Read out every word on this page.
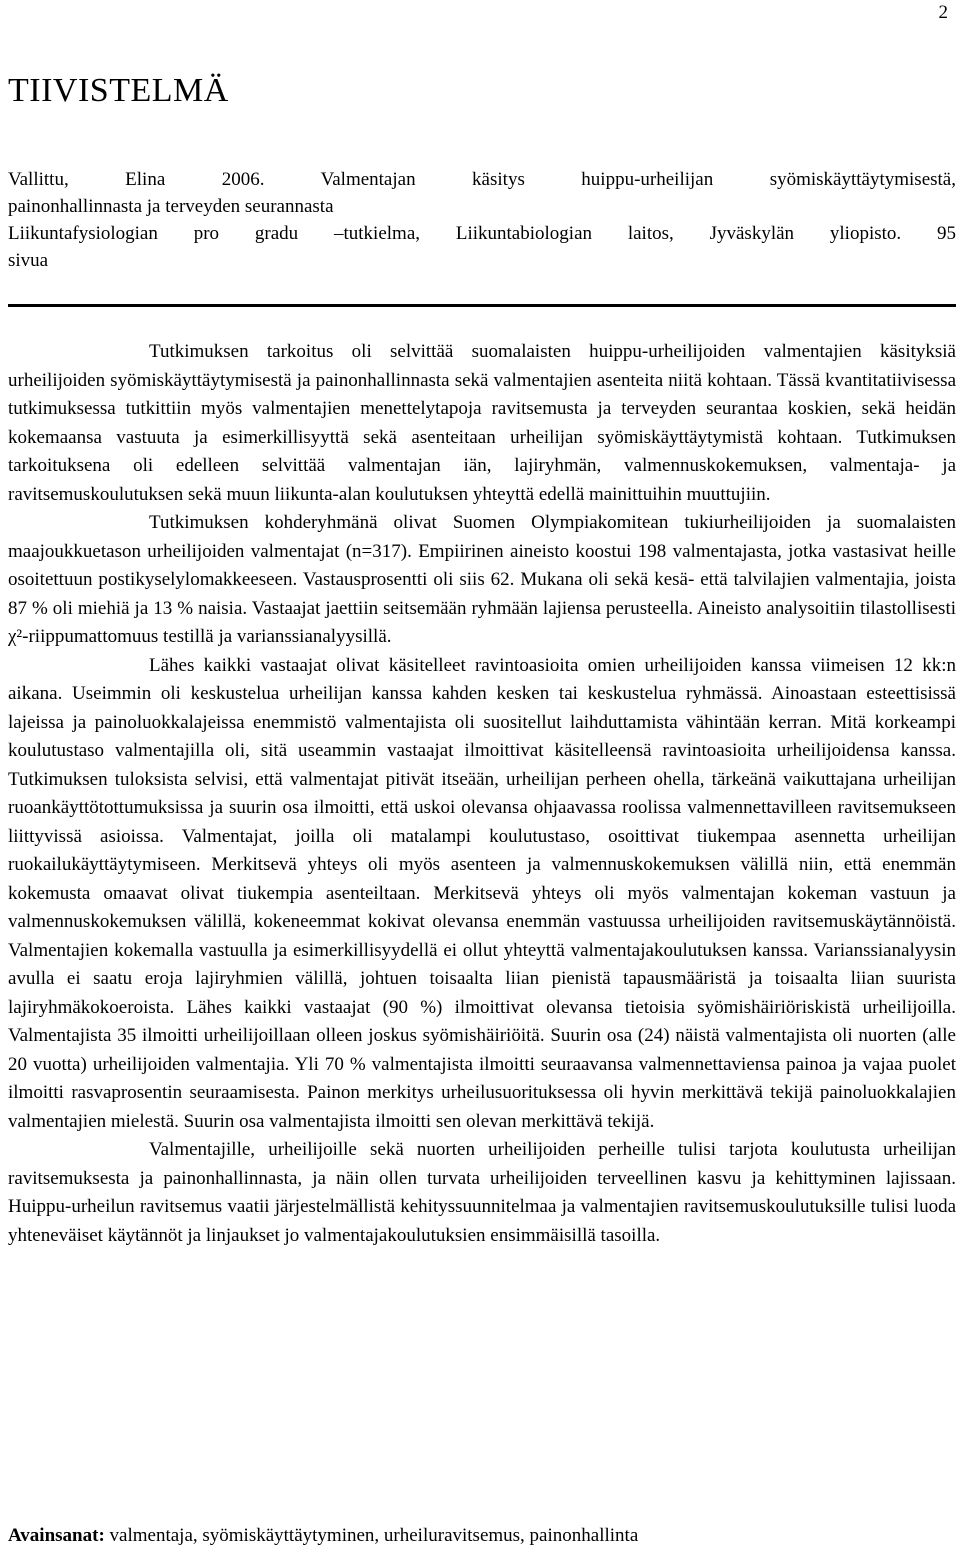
2
TIIVISTELMÄ
Vallittu, Elina 2006. Valmentajan käsitys huippu-urheilijan syömiskäyttäytymisestä,
painonhallinnasta ja terveyden seurannasta
Liikuntafysiologian pro gradu –tutkielma, Liikuntabiologian laitos, Jyväskylän yliopisto. 95
sivua

Tutkimuksen tarkoitus oli selvittää suomalaisten huippu-urheilijoiden valmentajien käsityksiä urheilijoiden syömiskäyttäytymisestä ja painonhallinnasta sekä valmentajien asenteita niitä kohtaan. Tässä kvantitatiivisessa tutkimuksessa tutkittiin myös valmentajien menettelytapoja ravitsemusta ja terveyden seurantaa koskien, sekä heidän kokemaansa vastuuta ja esimerkillisyyttä sekä asenteitaan urheilijan syömiskäyttäytymistä kohtaan. Tutkimuksen tarkoituksena oli edelleen selvittää valmentajan iän, lajiryhmän, valmennuskokemuksen, valmentaja- ja ravitsemuskoulutuksen sekä muun liikunta-alan koulutuksen yhteyttä edellä mainittuihin muuttujiin.

Tutkimuksen kohderyhmänä olivat Suomen Olympiakomitean tukiurheilijoiden ja suomalaisten maajoukkuetason urheilijoiden valmentajat (n=317). Empiirinen aineisto koostui 198 valmentajasta, jotka vastasivat heille osoitettuun postikyselylomakkeeseen. Vastausprosentti oli siis 62. Mukana oli sekä kesä- että talvilajien valmentajia, joista 87 % oli miehiä ja 13 % naisia. Vastaajat jaettiin seitsemään ryhmään lajiensa perusteella. Aineisto analysoitiin tilastollisesti χ²-riippumattomuus testillä ja varianssianalyysillä.

Lähes kaikki vastaajat olivat käsitelleet ravintoasioita omien urheilijoiden kanssa viimeisen 12 kk:n aikana. Useimmin oli keskustelua urheilijan kanssa kahden kesken tai keskustelua ryhmässä. Ainoastaan esteettisissä lajeissa ja painoluokkalajeissa enemmistö valmentajista oli suositellut laihduttamista vähintään kerran. Mitä korkeampi koulutustaso valmentajilla oli, sitä useammin vastaajat ilmoittivat käsitelleensä ravintoasioita urheilijoidensa kanssa. Tutkimuksen tuloksista selvisi, että valmentajat pitivät itseään, urheilijan perheen ohella, tärkeänä vaikuttajana urheilijan ruoankäyttötottumuksissa ja suurin osa ilmoitti, että uskoi olevansa ohjaavassa roolissa valmennettavilleen ravitsemukseen liittyvissä asioissa. Valmentajat, joilla oli matalampi koulutustaso, osoittivat tiukempaa asennetta urheilijan ruokailukäyttäytymiseen. Merkitsevä yhteys oli myös asenteen ja valmennuskokemuksen välillä niin, että enemmän kokemusta omaavat olivat tiukempia asenteiltaan. Merkitsevä yhteys oli myös valmentajan kokeman vastuun ja valmennuskokemuksen välillä, kokeneemmat kokivat olevansa enemmän vastuussa urheilijoiden ravitsemuskäytännöistä. Valmentajien kokemalla vastuulla ja esimerkillisyydellä ei ollut yhteyttä valmentajakoulutuksen kanssa. Varianssianalyysin avulla ei saatu eroja lajiryhmien välillä, johtuen toisaalta liian pienistä tapausmääristä ja toisaalta liian suurista lajiryhmäkokoeroista. Lähes kaikki vastaajat (90 %) ilmoittivat olevansa tietoisia syömishäiriöriskistä urheilijoilla. Valmentajista 35 ilmoitti urheilijoillaan olleen joskus syömishäiriöitä. Suurin osa (24) näistä valmentajista oli nuorten (alle 20 vuotta) urheilijoiden valmentajia. Yli 70 % valmentajista ilmoitti seuraavansa valmennettaviensa painoa ja vajaa puolet ilmoitti rasvaprosentin seuraamisesta. Painon merkitys urheilusuorituksessa oli hyvin merkittävä tekijä painoluokkalajien valmentajien mielestä. Suurin osa valmentajista ilmoitti sen olevan merkittävä tekijä.

Valmentajille, urheilijoille sekä nuorten urheilijoiden perheille tulisi tarjota koulutusta urheilijan ravitsemuksesta ja painonhallinnasta, ja näin ollen turvata urheilijoiden terveellinen kasvu ja kehittyminen lajissaan. Huippu-urheilun ravitsemus vaatii järjestelmällistä kehityssuunnitelmaa ja valmentajien ravitsemuskoulutuksille tulisi luoda yhteneväiset käytännöt ja linjaukset jo valmentajakoulutuksien ensimmäisillä tasoilla.

Avainsanat: valmentaja, syömiskäyttäytyminen, urheiluravitsemus, painonhallinta
